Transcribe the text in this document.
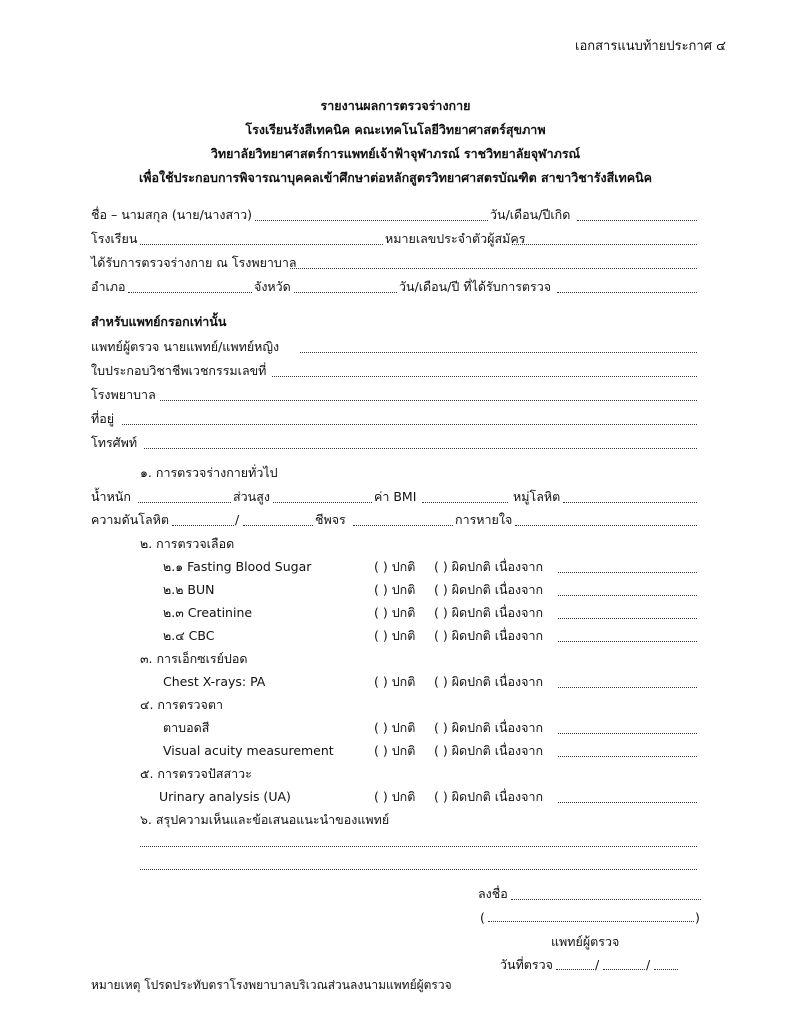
เอกสารแนบท้ายประกาศ ๔
รายงานผลการตรวจร่างกาย
โรงเรียนรังสีเทคนิค คณะเทคโนโลยีวิทยาศาสตร์สุขภาพ
วิทยาลัยวิทยาศาสตร์การแพทย์เจ้าฟ้าจุฬาภรณ์ ราชวิทยาลัยจุฬาภรณ์
เพื่อใช้ประกอบการพิจารณาบุคคลเข้าศึกษาต่อหลักสูตรวิทยาศาสตรบัณฑิต สาขาวิชารังสีเทคนิค
ชื่อ – นามสกุล (นาย/นางสาว)	วัน/เดือน/ปีเกิด
โรงเรียน	หมายเลขประจำตัวผู้สมัคร
ได้รับการตรวจร่างกาย ณ โรงพยาบาล
อำเภอ	จังหวัด	วัน/เดือน/ปี ที่ได้รับการตรวจ
สำหรับแพทย์กรอกเท่านั้น
แพทย์ผู้ตรวจ นายแพทย์/แพทย์หญิง
ใบประกอบวิชาชีพเวชกรรมเลขที่
โรงพยาบาล
ที่อยู่
โทรศัพท์
๑. การตรวจร่างกายทั่วไป
น้ำหนัก	ส่วนสูง	ค่า BMI	หมู่โลหิต
ความดันโลหิต	/	ชีพจร	การหายใจ
๒. การตรวจเลือด
๒.๑ Fasting Blood Sugar	( ) ปกติ ( ) ผิดปกติ เนื่องจาก
๒.๒ BUN	( ) ปกติ ( ) ผิดปกติ เนื่องจาก
๒.๓ Creatinine	( ) ปกติ ( ) ผิดปกติ เนื่องจาก
๒.๔ CBC	( ) ปกติ ( ) ผิดปกติ เนื่องจาก
๓. การเอ็กซเรย์ปอด
Chest X-rays: PA	( ) ปกติ ( ) ผิดปกติ เนื่องจาก
๔. การตรวจตา
ตาบอดสี	( ) ปกติ ( ) ผิดปกติ เนื่องจาก
Visual acuity measurement	( ) ปกติ ( ) ผิดปกติ เนื่องจาก
๕. การตรวจปัสสาวะ
Urinary analysis (UA)	( ) ปกติ ( ) ผิดปกติ เนื่องจาก
๖. สรุปความเห็นและข้อเสนอแนะนำของแพทย์
ลงชื่อ
(	)
แพทย์ผู้ตรวจ
วันที่ตรวจ	/	/
หมายเหตุ โปรดประทับตราโรงพยาบาลบริเวณส่วนลงนามแพทย์ผู้ตรวจ
